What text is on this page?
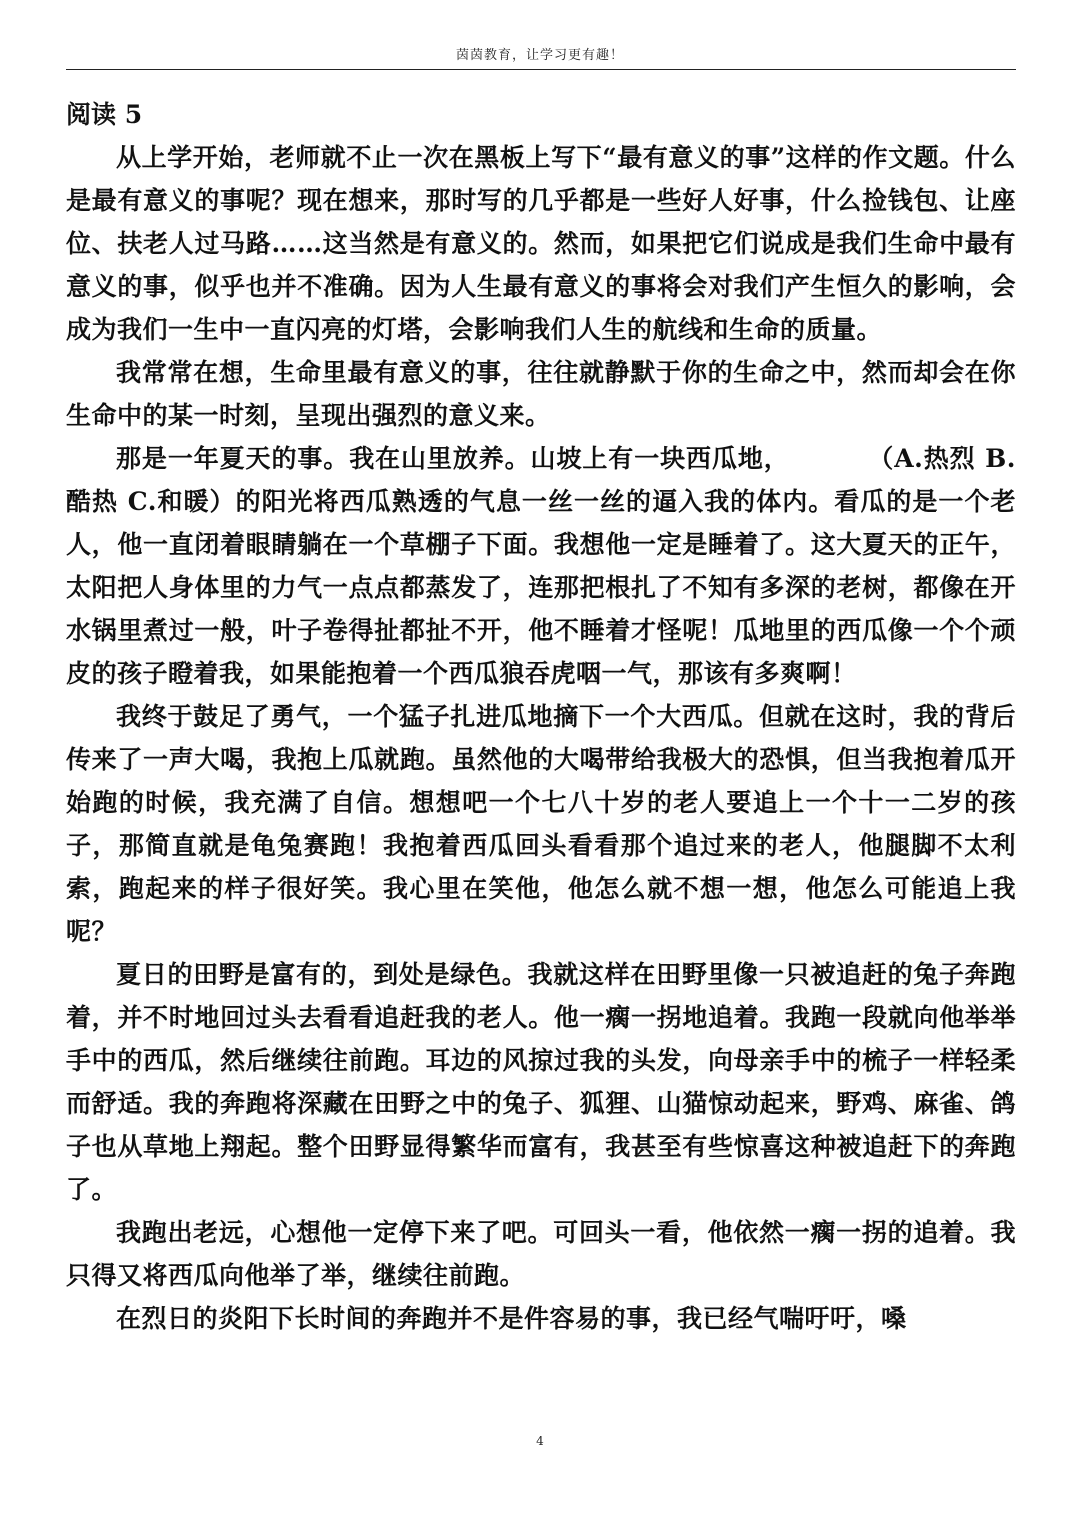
茵茵教育，让学习更有趣！

阅读 5

从上学开始，老师就不止一次在黑板上写下“最有意义的事”这样的作文题。什么是最有意义的事呢？现在想来，那时写的几乎都是一些好人好事，什么捡钱包、让座位、扶老人过马路……这当然是有意义的。然而，如果把它们说成是我们生命中最有意义的事，似乎也并不准确。因为人生最有意义的事将会对我们产生恒久的影响，会成为我们一生中一直闪亮的灯塔，会影响我们人生的航线和生命的质量。

我常常在想，生命里最有意义的事，往往就静默于你的生命之中，然而却会在你生命中的某一时刻，呈现出强烈的意义来。

那是一年夏天的事。我在山里放养。山坡上有一块西瓜地，　　　　（A.热烈 B.酷热 C.和暖）的阳光将西瓜熟透的气息一丝一丝的逼入我的体内。看瓜的是一个老人，他一直闭着眼睛躺在一个草棚子下面。我想他一定是睡着了。这大夏天的正午，太阳把人身体里的力气一点点都蒸发了，连那把根扎了不知有多深的老树，都像在开水锅里煮过一般，叶子卷得扯都扯不开，他不睡着才怪呢！瓜地里的西瓜像一个个顽皮的孩子瞪着我，如果能抱着一个西瓜狼吞虎咽一气，那该有多爽啊！

我终于鼓足了勇气，一个猛子扎进瓜地摘下一个大西瓜。但就在这时，我的背后传来了一声大喝，我抱上瓜就跑。虽然他的大喝带给我极大的恐惧，但当我抱着瓜开始跑的时候，我充满了自信。想想吧一个七八十岁的老人要追上一个十一二岁的孩子，那简直就是龟兔赛跑！我抱着西瓜回头看看那个追过来的老人，他腿脚不太利索，跑起来的样子很好笑。我心里在笑他，他怎么就不想一想，他怎么可能追上我呢？

夏日的田野是富有的，到处是绿色。我就这样在田野里像一只被追赶的兔子奔跑着，并不时地回过头去看看追赶我的老人。他一瘸一拐地追着。我跑一段就向他举举手中的西瓜，然后继续往前跑。耳边的风掠过我的头发，向母亲手中的梳子一样轻柔而舒适。我的奔跑将深藏在田野之中的兔子、狐狸、山猫惊动起来，野鸡、麻雀、鸽子也从草地上翔起。整个田野显得繁华而富有，我甚至有些惊喜这种被追赶下的奔跑了。

我跑出老远，心想他一定停下来了吧。可回头一看，他依然一瘸一拐的追着。我只得又将西瓜向他举了举，继续往前跑。

在烈日的炎阳下长时间的奔跑并不是件容易的事，我已经气喘吁吁，嗓

4
